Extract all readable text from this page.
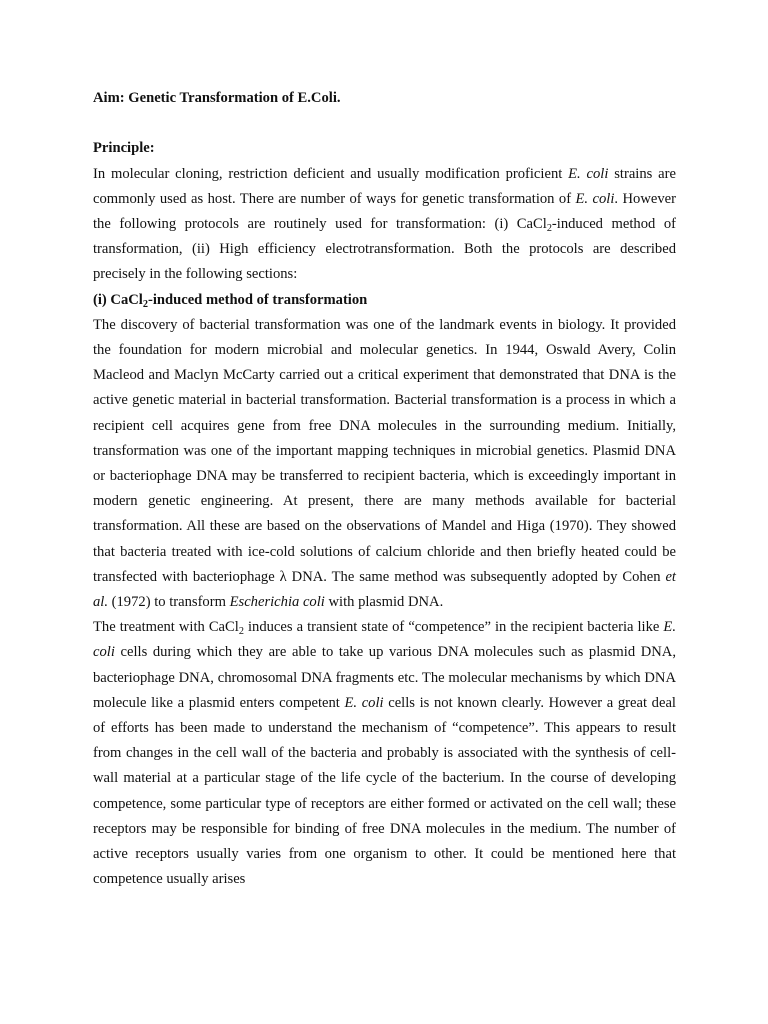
Aim: Genetic Transformation of E.Coli.
Principle:

In molecular cloning, restriction deficient and usually modification proficient E. coli strains are commonly used as host. There are number of ways for genetic transformation of E. coli. However the following protocols are routinely used for transformation: (i) CaCl$_2$-induced method of transformation, (ii) High efficiency electrotransformation. Both the protocols are described precisely in the following sections:

(i) CaCl$_2$-induced method of transformation

The discovery of bacterial transformation was one of the landmark events in biology. It provided the foundation for modern microbial and molecular genetics. In 1944, Oswald Avery, Colin Macleod and Maclyn McCarty carried out a critical experiment that demonstrated that DNA is the active genetic material in bacterial transformation. Bacterial transformation is a process in which a recipient cell acquires gene from free DNA molecules in the surrounding medium. Initially, transformation was one of the important mapping techniques in microbial genetics. Plasmid DNA or bacteriophage DNA may be transferred to recipient bacteria, which is exceedingly important in modern genetic engineering. At present, there are many methods available for bacterial transformation. All these are based on the observations of Mandel and Higa (1970). They showed that bacteria treated with ice-cold solutions of calcium chloride and then briefly heated could be transfected with bacteriophage λ DNA. The same method was subsequently adopted by Cohen et al. (1972) to transform Escherichia coli with plasmid DNA.

The treatment with CaCl$_2$ induces a transient state of “competence” in the recipient bacteria like E. coli cells during which they are able to take up various DNA molecules such as plasmid DNA, bacteriophage DNA, chromosomal DNA fragments etc. The molecular mechanisms by which DNA molecule like a plasmid enters competent E. coli cells is not known clearly. However a great deal of efforts has been made to understand the mechanism of “competence”. This appears to result from changes in the cell wall of the bacteria and probably is associated with the synthesis of cell-wall material at a particular stage of the life cycle of the bacterium. In the course of developing competence, some particular type of receptors are either formed or activated on the cell wall; these receptors may be responsible for binding of free DNA molecules in the medium. The number of active receptors usually varies from one organism to other. It could be mentioned here that competence usually arises
